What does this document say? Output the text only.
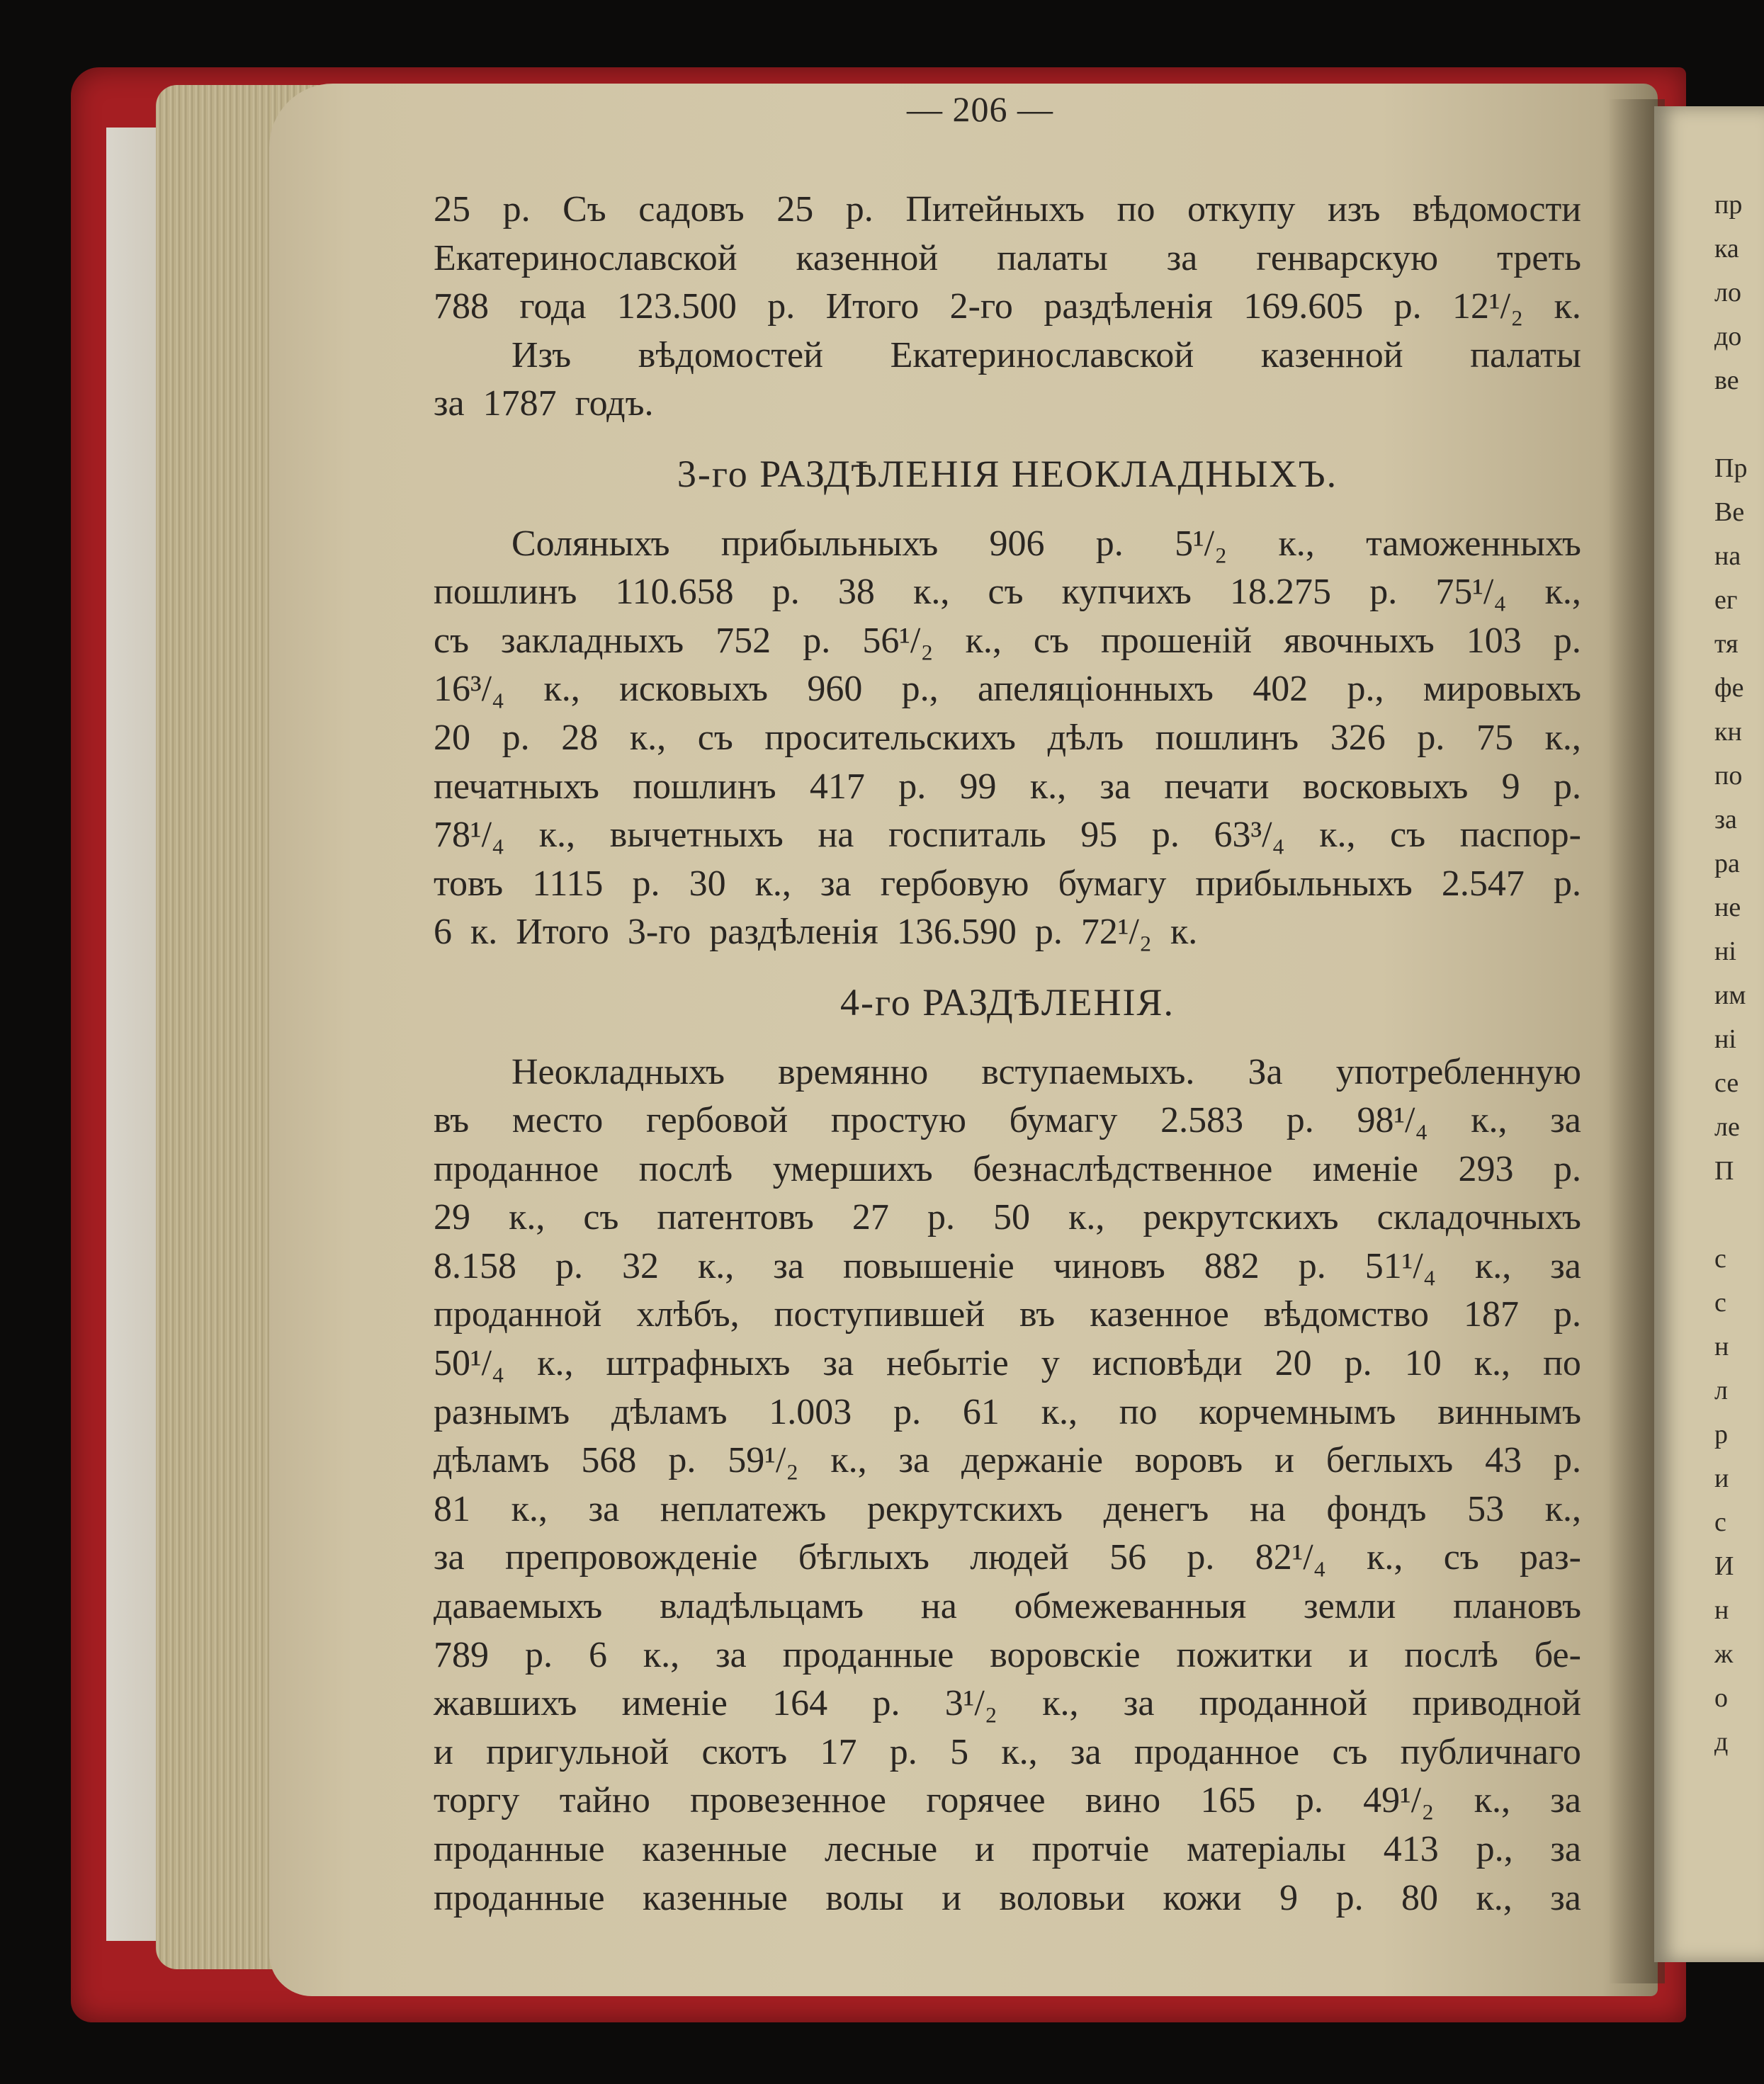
пр
ка
ло
до
ве
Пр
Ве
на
ег
тя
фе
кн
по
за
ра
не
ні
им
ні
се
ле
П
с
с
н
л
р
и
с
И
н
ж
о
д
— 206 —
25 р. Съ садовъ 25 р. Питейныхъ по откупу изъ вѣдомости
Екатеринославской казенной палаты за генварскую треть
788 года 123.500 р. Итого 2-го раздѣленія 169.605 р. 12¹/₂ к.
Изъ вѣдомостей Екатеринославской казенной палаты
за 1787 годъ.
3-го РАЗДѢЛЕНІЯ НЕОКЛАДНЫХЪ.
Соляныхъ прибыльныхъ 906 р. 5¹/₂ к., таможенныхъ
пошлинъ 110.658 р. 38 к., съ купчихъ 18.275 р. 75¹/₄ к.,
съ закладныхъ 752 р. 56¹/₂ к., съ прошеній явочныхъ 103 р.
16³/₄ к., исковыхъ 960 р., апеляціонныхъ 402 р., мировыхъ
20 р. 28 к., съ просительскихъ дѣлъ пошлинъ 326 р. 75 к.,
печатныхъ пошлинъ 417 р. 99 к., за печати восковыхъ 9 р.
78¹/₄ к., вычетныхъ на госпиталь 95 р. 63³/₄ к., съ паспор-
товъ 1115 р. 30 к., за гербовую бумагу прибыльныхъ 2.547 р.
6 к. Итого 3-го раздѣленія 136.590 р. 72¹/₂ к.
4-го РАЗДѢЛЕНІЯ.
Неокладныхъ времянно вступаемыхъ. За употребленную
въ место гербовой простую бумагу 2.583 р. 98¹/₄ к., за
проданное послѣ умершихъ безнаслѣдственное именіе 293 р.
29 к., съ патентовъ 27 р. 50 к., рекрутскихъ складочныхъ
8.158 р. 32 к., за повышеніе чиновъ 882 р. 51¹/₄ к., за
проданной хлѣбъ, поступившей въ казенное вѣдомство 187 р.
50¹/₄ к., штрафныхъ за небытіе у исповѣди 20 р. 10 к., по
разнымъ дѣламъ 1.003 р. 61 к., по корчемнымъ виннымъ
дѣламъ 568 р. 59¹/₂ к., за держаніе воровъ и беглыхъ 43 р.
81 к., за неплатежъ рекрутскихъ денегъ на фондъ 53 к.,
за препровожденіе бѣглыхъ людей 56 р. 82¹/₄ к., съ раз-
даваемыхъ владѣльцамъ на обмежеванныя земли плановъ
789 р. 6 к., за проданные воровскіе пожитки и послѣ бе-
жавшихъ именіе 164 р. 3¹/₂ к., за проданной приводной
и пригульной скотъ 17 р. 5 к., за проданное съ публичнаго
торгу тайно провезенное горячее вино 165 р. 49¹/₂ к., за
проданные казенные лесные и протчіе матеріалы 413 р., за
проданные казенные волы и воловьи кожи 9 р. 80 к., за
